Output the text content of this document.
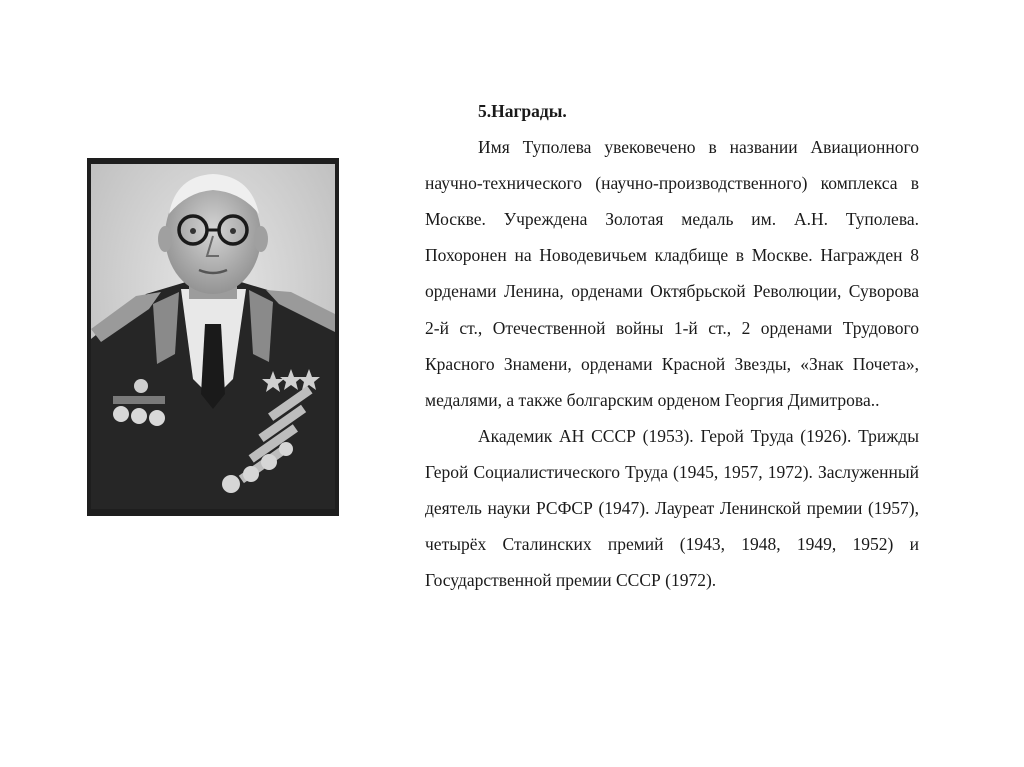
5.Награды.

Имя Туполева увековечено в названии Авиационного научно-технического (научно-производственного) комплекса в Москве. Учреждена Золотая медаль им. А.Н. Туполева. Похоронен на Новодевичьем кладбище в Москве. Награжден 8 орденами Ленина, орденами Октябрьской Революции, Суворова 2-й ст., Отечественной войны 1-й ст., 2 орденами Трудового Красного Знамени, орденами Красной Звезды, «Знак Почета», медалями, а также болгарским орденом Георгия Димитрова..

Академик АН СССР (1953). Герой Труда (1926). Трижды Герой Социалистического Труда (1945, 1957, 1972). Заслуженный деятель науки РСФСР (1947). Лауреат Ленинской премии (1957), четырёх Сталинских премий (1943, 1948, 1949, 1952) и Государственной премии СССР (1972).
